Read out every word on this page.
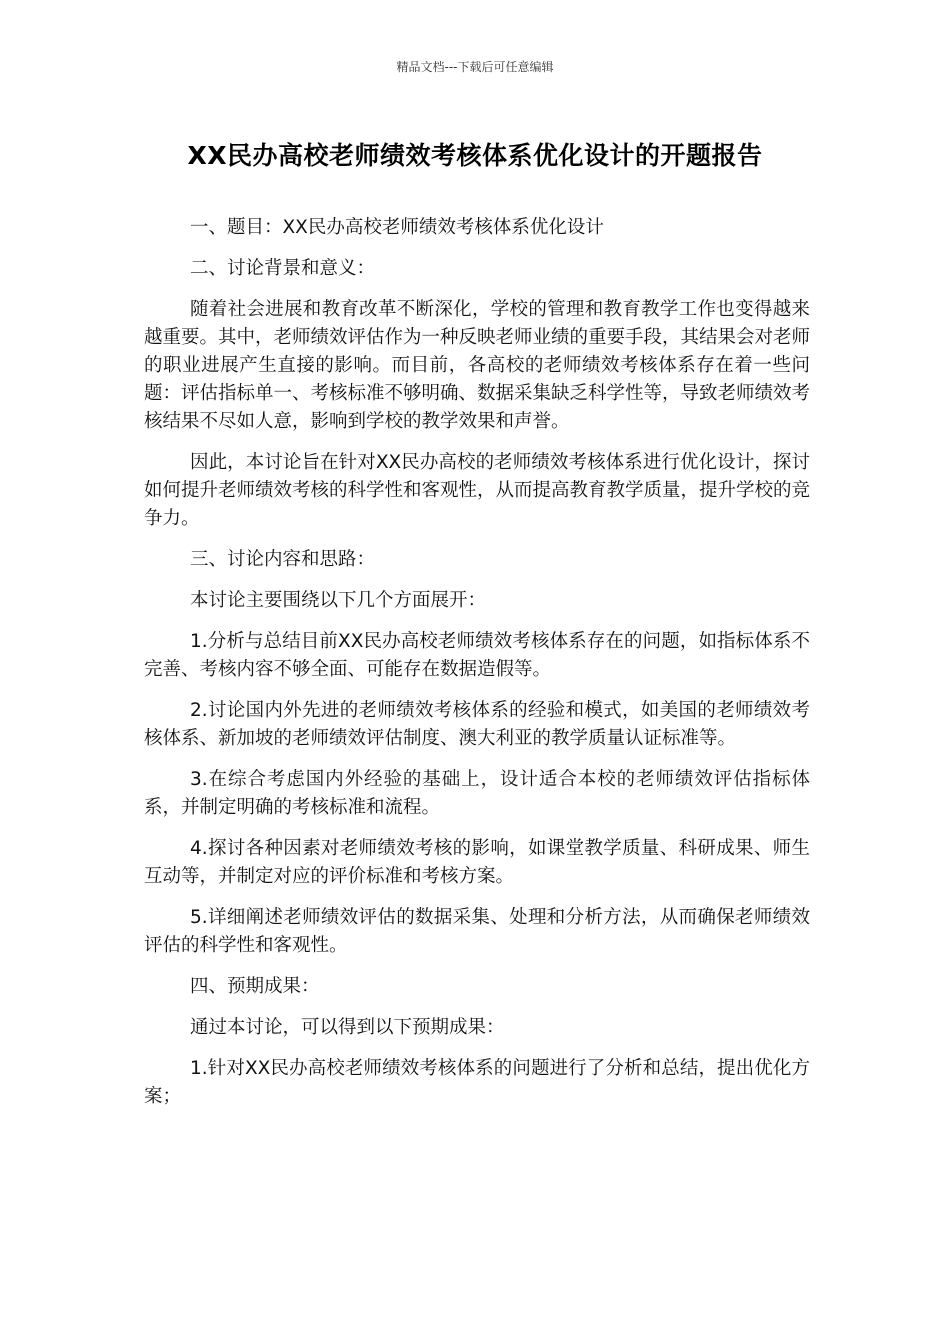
精品文档---下载后可任意编辑
XX民办高校老师绩效考核体系优化设计的开题报告

一、题目：XX民办高校老师绩效考核体系优化设计

二、讨论背景和意义：

随着社会进展和教育改革不断深化，学校的管理和教育教学工作也变得越来越重要。其中，老师绩效评估作为一种反映老师业绩的重要手段，其结果会对老师的职业进展产生直接的影响。而目前，各高校的老师绩效考核体系存在着一些问题：评估指标单一、考核标准不够明确、数据采集缺乏科学性等，导致老师绩效考核结果不尽如人意，影响到学校的教学效果和声誉。

因此，本讨论旨在针对XX民办高校的老师绩效考核体系进行优化设计，探讨如何提升老师绩效考核的科学性和客观性，从而提高教育教学质量，提升学校的竞争力。

三、讨论内容和思路：

本讨论主要围绕以下几个方面展开：

1.分析与总结目前XX民办高校老师绩效考核体系存在的问题，如指标体系不完善、考核内容不够全面、可能存在数据造假等。

2.讨论国内外先进的老师绩效考核体系的经验和模式，如美国的老师绩效考核体系、新加坡的老师绩效评估制度、澳大利亚的教学质量认证标准等。

3.在综合考虑国内外经验的基础上，设计适合本校的老师绩效评估指标体系，并制定明确的考核标准和流程。

4.探讨各种因素对老师绩效考核的影响，如课堂教学质量、科研成果、师生互动等，并制定对应的评价标准和考核方案。

5.详细阐述老师绩效评估的数据采集、处理和分析方法，从而确保老师绩效评估的科学性和客观性。

四、预期成果：

通过本讨论，可以得到以下预期成果：

1.针对XX民办高校老师绩效考核体系的问题进行了分析和总结，提出优化方案；
